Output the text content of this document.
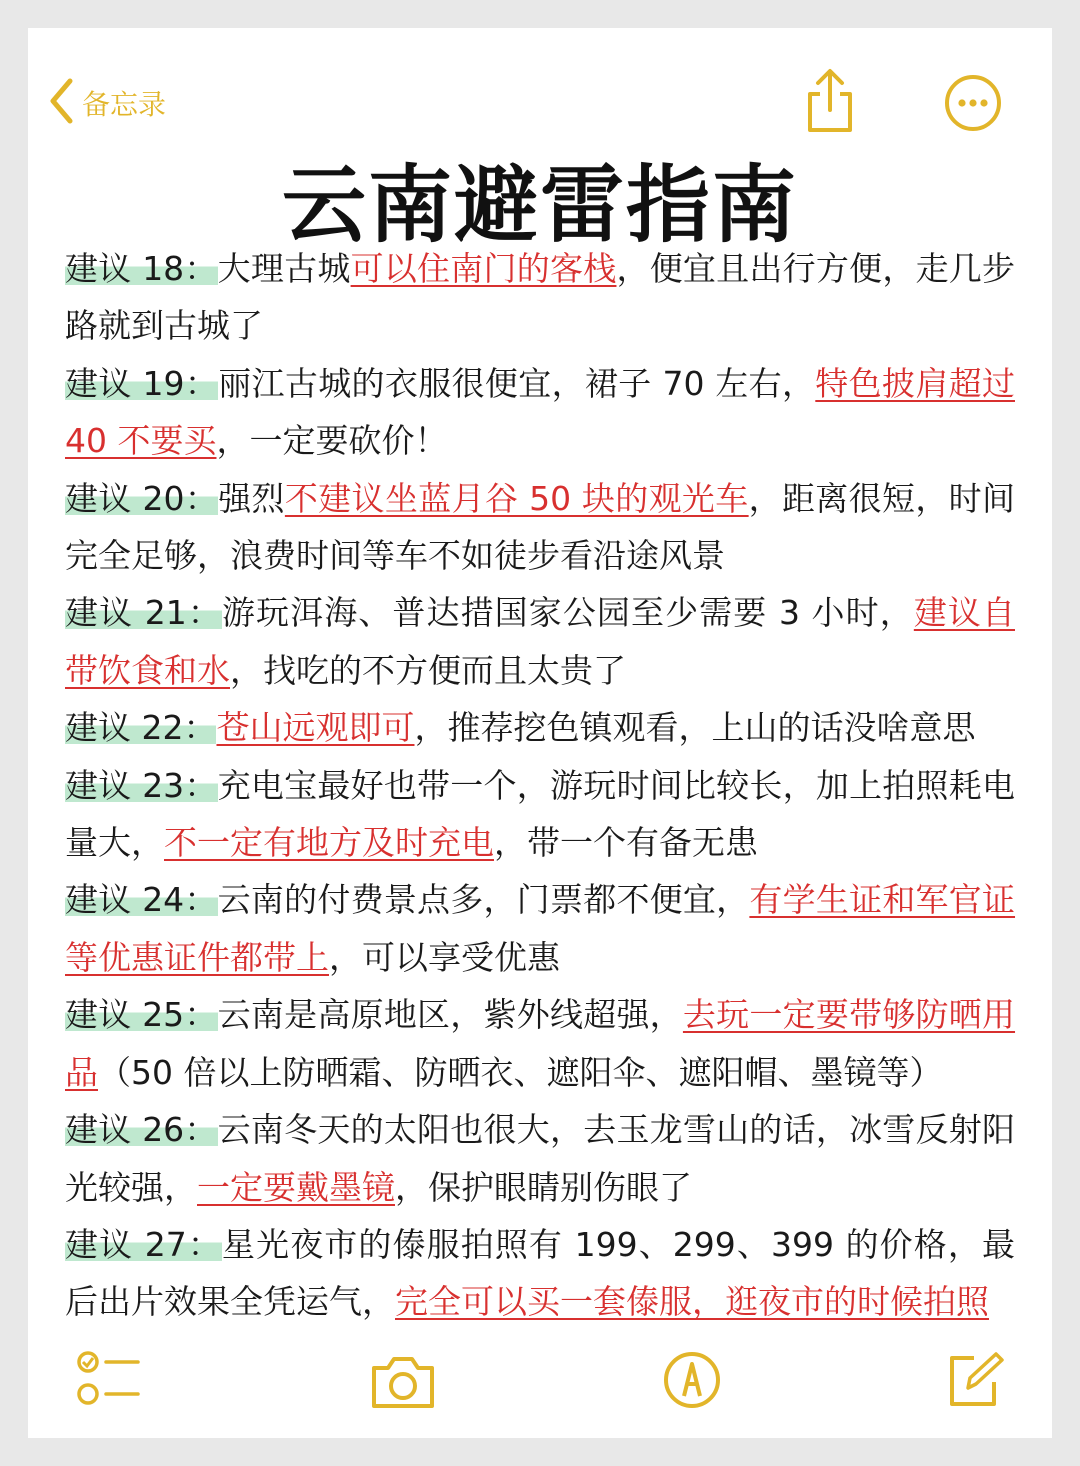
备忘录
云南避雷指南

建议 18：大理古城可以住南门的客栈，便宜且出行方便，走几步路就到古城了

建议 19：丽江古城的衣服很便宜，裙子 70 左右，特色披肩超过 40 不要买，一定要砍价！

建议 20：强烈不建议坐蓝月谷 50 块的观光车，距离很短，时间完全足够，浪费时间等车不如徒步看沿途风景

建议 21：游玩洱海、普达措国家公园至少需要 3 小时，建议自带饮食和水，找吃的不方便而且太贵了

建议 22：苍山远观即可，推荐挖色镇观看，上山的话没啥意思

建议 23：充电宝最好也带一个，游玩时间比较长，加上拍照耗电量大，不一定有地方及时充电，带一个有备无患

建议 24：云南的付费景点多，门票都不便宜，有学生证和军官证等优惠证件都带上，可以享受优惠

建议 25：云南是高原地区，紫外线超强，去玩一定要带够防晒用品（50 倍以上防晒霜、防晒衣、遮阳伞、遮阳帽、墨镜等）

建议 26：云南冬天的太阳也很大，去玉龙雪山的话，冰雪反射阳光较强，一定要戴墨镜，保护眼睛别伤眼了

建议 27：星光夜市的傣服拍照有 199、299、399 的价格，最后出片效果全凭运气，完全可以买一套傣服，逛夜市的时候拍照
